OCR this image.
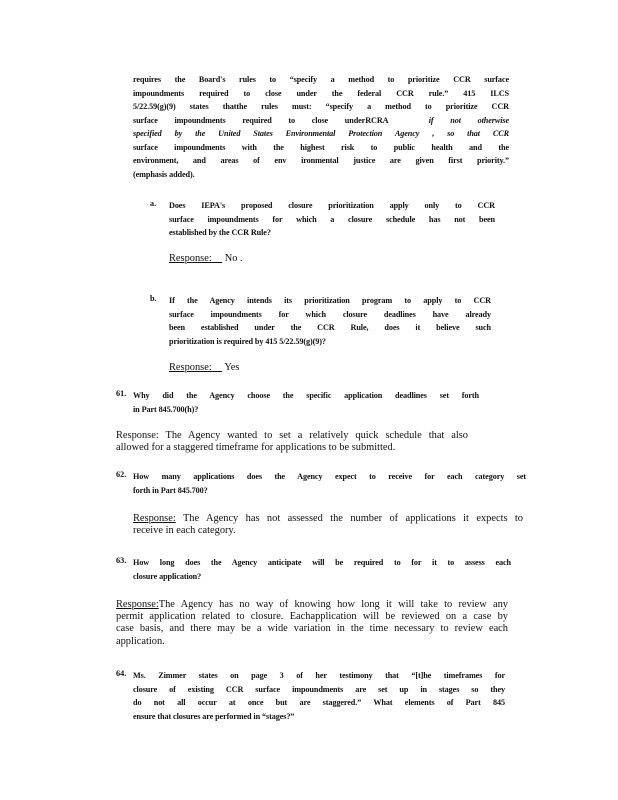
requires the Board's rules to “specify a method to prioritize CCR surface
impoundments required to close under the federal CCR rule.” 415 ILCS
5/22.59(g)(9) states thatthe rules must: “specify a method to prioritize CCR
surface impoundments required to close underRCRA	if not otherwise
specified by the United States Environmental Protection Agency , so that CCR
surface impoundments with the highest risk to public health and the
environment, and areas of env ironmental justice are given first priority.”
(emphasis added).
a. Does IEPA's proposed closure prioritization apply only to CCR
surface impoundments for which a closure schedule has not been
established by the CCR Rule?
Response: No .
b. If the Agency intends its prioritization program to apply to CCR
surface impoundments for which closure deadlines have already
been established under the CCR Rule, does it believe such
prioritization is required by 415 5/22.59(g)(9)?
Response: Yes
61. Why did the Agency choose the specific application deadlines set forth
in Part 845.700(h)?
Response: The Agency wanted to set a relatively quick schedule that also
allowed for a staggered timeframe for applications to be submitted.
62. How many applications does the Agency expect to receive for each category set
forth in Part 845.700?
Response: The Agency has not assessed the number of applications it expects to
receive in each category.
63. How long does the Agency anticipate will be required to for it to assess each
closure application?
Response:The Agency has no way of knowing how long it will take to review any
permit application related to closure. Eachapplication will be reviewed on a case by
case basis, and there may be a wide variation in the time necessary to review each
application.
64. Ms. Zimmer states on page 3 of her testimony that “[t]he timeframes for
closure of existing CCR surface impoundments are set up in stages so they
do not all occur at once but are staggered.” What elements of Part 845
ensure that closures are performed in “stages?”
